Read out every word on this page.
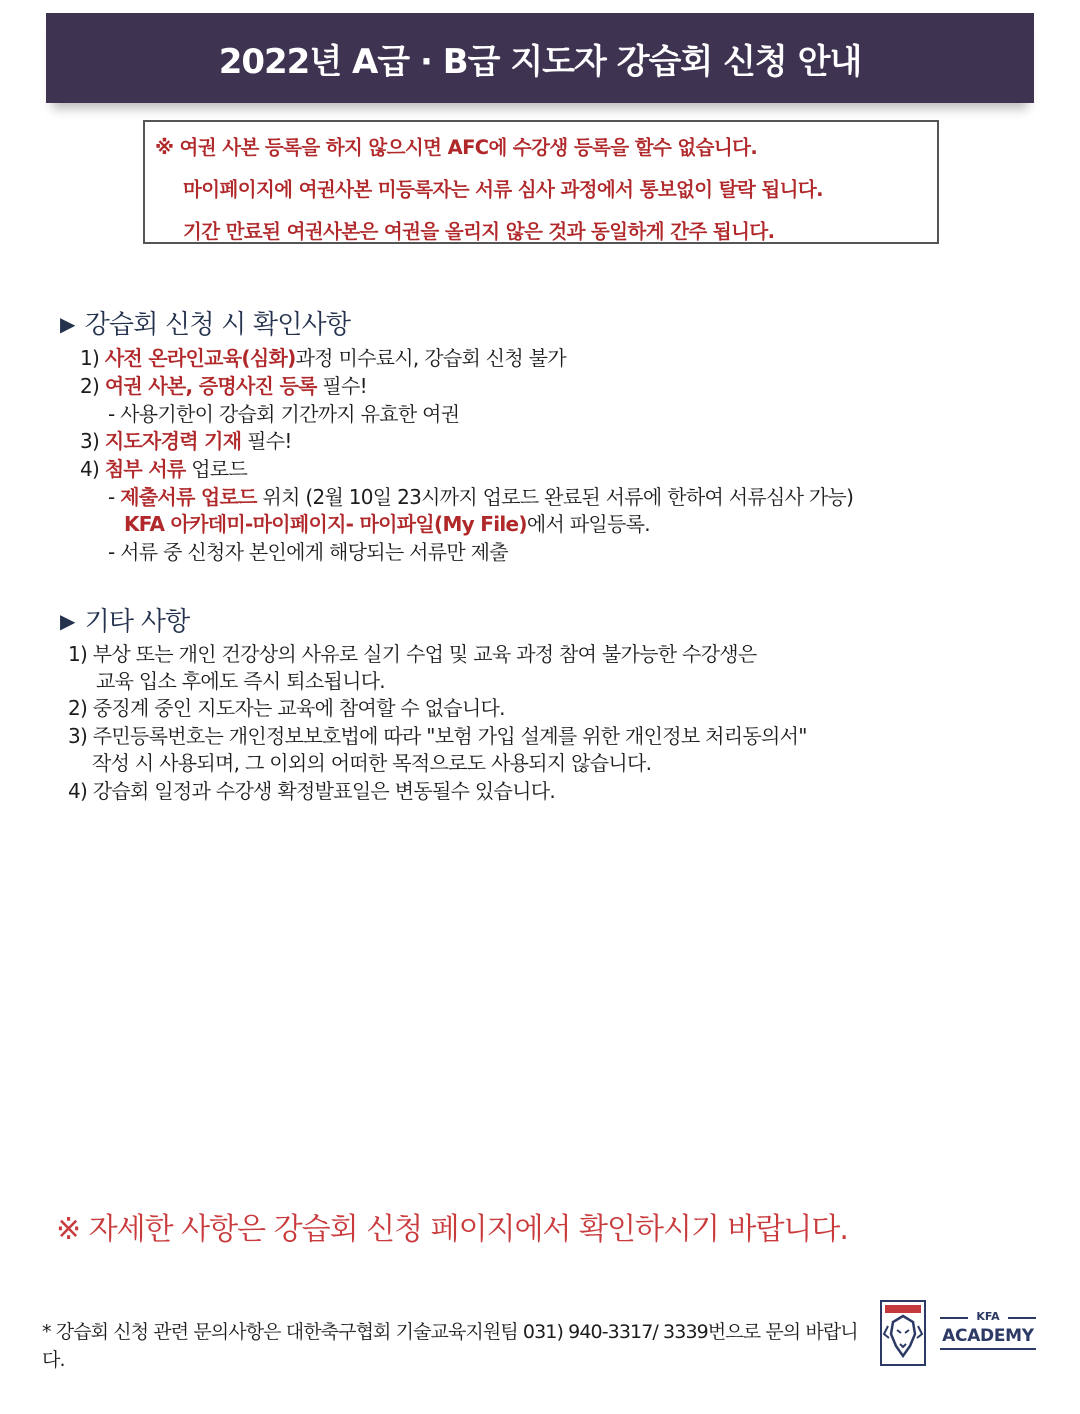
2022년 A급 · B급 지도자 강습회 신청 안내
※ 여권 사본 등록을 하지 않으시면 AFC에 수강생 등록을 할수 없습니다.
마이페이지에 여권사본 미등록자는 서류 심사 과정에서 통보없이 탈락 됩니다.
기간 만료된 여권사본은 여권을 올리지 않은 것과 동일하게 간주 됩니다.
▶ 강습회 신청 시 확인사항
1) 사전 온라인교육(심화)과정 미수료시, 강습회 신청 불가
2) 여권 사본, 증명사진 등록 필수!
- 사용기한이 강습회 기간까지 유효한 여권
3) 지도자경력 기재 필수!
4) 첨부 서류 업로드
- 제출서류 업로드 위치 (2월 10일 23시까지 업로드 완료된 서류에 한하여 서류심사 가능)
KFA 아카데미-마이페이지- 마이파일(My File)에서 파일등록.
- 서류 중 신청자 본인에게 해당되는 서류만 제출
▶ 기타 사항
1) 부상 또는 개인 건강상의 사유로 실기 수업 및 교육 과정 참여 불가능한 수강생은
교육 입소 후에도 즉시 퇴소됩니다.
2) 중징계 중인 지도자는 교육에 참여할 수 없습니다.
3) 주민등록번호는 개인정보보호법에 따라 "보험 가입 설계를 위한 개인정보 처리동의서"
작성 시 사용되며, 그 이외의 어떠한 목적으로도 사용되지 않습니다.
4) 강습회 일정과 수강생 확정발표일은 변동될수 있습니다.
※ 자세한 사항은 강습회 신청 페이지에서 확인하시기 바랍니다.
* 강습회 신청 관련 문의사항은 대한축구협회 기술교육지원팀 031) 940-3317/ 3339번으로 문의 바랍니다.
KFA
ACADEMY
